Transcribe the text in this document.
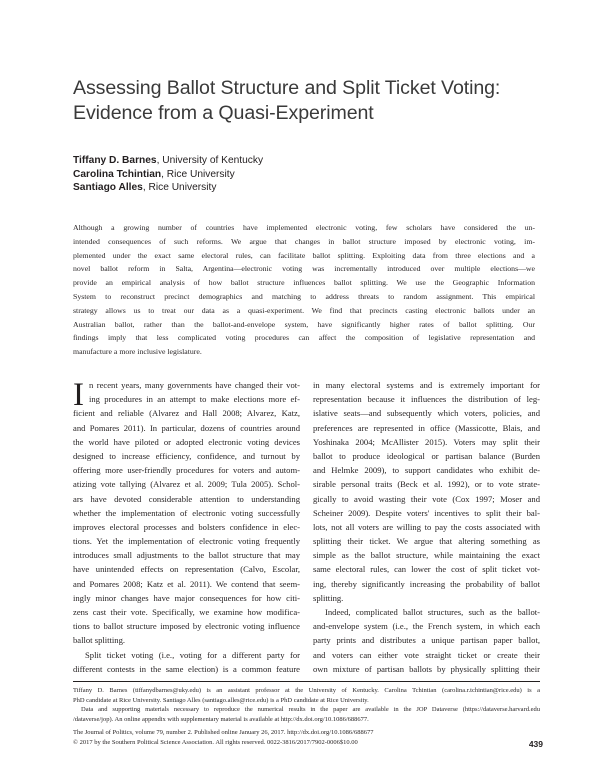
Assessing Ballot Structure and Split Ticket Voting:
Evidence from a Quasi-Experiment
Tiffany D. Barnes, University of Kentucky
Carolina Tchintian, Rice University
Santiago Alles, Rice University
Although a growing number of countries have implemented electronic voting, few scholars have considered the un-
intended consequences of such reforms. We argue that changes in ballot structure imposed by electronic voting, im-
plemented under the exact same electoral rules, can facilitate ballot splitting. Exploiting data from three elections and a
novel ballot reform in Salta, Argentina—electronic voting was incrementally introduced over multiple elections—we
provide an empirical analysis of how ballot structure influences ballot splitting. We use the Geographic Information
System to reconstruct precinct demographics and matching to address threats to random assignment. This empirical
strategy allows us to treat our data as a quasi-experiment. We find that precincts casting electronic ballots under an
Australian ballot, rather than the ballot-and-envelope system, have significantly higher rates of ballot splitting. Our
findings imply that less complicated voting procedures can affect the composition of legislative representation and
manufacture a more inclusive legislature.
I n recent years, many governments have changed their vot-
ing procedures in an attempt to make elections more ef-
ficient and reliable (Alvarez and Hall 2008; Alvarez, Katz,
and Pomares 2011). In particular, dozens of countries around
the world have piloted or adopted electronic voting devices
designed to increase efficiency, confidence, and turnout by
offering more user-friendly procedures for voters and autom-
atizing vote tallying (Alvarez et al. 2009; Tula 2005). Schol-
ars have devoted considerable attention to understanding
whether the implementation of electronic voting successfully
improves electoral processes and bolsters confidence in elec-
tions. Yet the implementation of electronic voting frequently
introduces small adjustments to the ballot structure that may
have unintended effects on representation (Calvo, Escolar,
and Pomares 2008; Katz et al. 2011). We contend that seem-
ingly minor changes have major consequences for how citi-
zens cast their vote. Specifically, we examine how modifica-
tions to ballot structure imposed by electronic voting influence
ballot splitting.
Split ticket voting (i.e., voting for a different party for
different contests in the same election) is a common feature
in many electoral systems and is extremely important for
representation because it influences the distribution of leg-
islative seats—and subsequently which voters, policies, and
preferences are represented in office (Massicotte, Blais, and
Yoshinaka 2004; McAllister 2015). Voters may split their
ballot to produce ideological or partisan balance (Burden
and Helmke 2009), to support candidates who exhibit de-
sirable personal traits (Beck et al. 1992), or to vote strate-
gically to avoid wasting their vote (Cox 1997; Moser and
Scheiner 2009). Despite voters' incentives to split their bal-
lots, not all voters are willing to pay the costs associated with
splitting their ticket. We argue that altering something as
simple as the ballot structure, while maintaining the exact
same electoral rules, can lower the cost of split ticket vot-
ing, thereby significantly increasing the probability of ballot
splitting.
Indeed, complicated ballot structures, such as the ballot-
and-envelope system (i.e., the French system, in which each
party prints and distributes a unique partisan paper ballot,
and voters can either vote straight ticket or create their
own mixture of partisan ballots by physically splitting their
Tiffany D. Barnes (tiffanydbarnes@uky.edu) is an assistant professor at the University of Kentucky. Carolina Tchintian (carolina.r.tchintian@rice.edu) is a
PhD candidate at Rice University. Santiago Alles (santiago.alles@rice.edu) is a PhD candidate at Rice University.
Data and supporting materials necessary to reproduce the numerical results in the paper are available in the JOP Dataverse (https://dataverse.harvard.edu
/dataverse/jop). An online appendix with supplementary material is available at http://dx.doi.org/10.1086/688677.
The Journal of Politics, volume 79, number 2. Published online January 26, 2017. http://dx.doi.org/10.1086/688677
© 2017 by the Southern Political Science Association. All rights reserved. 0022-3816/2017/7902-0006$10.00	439
